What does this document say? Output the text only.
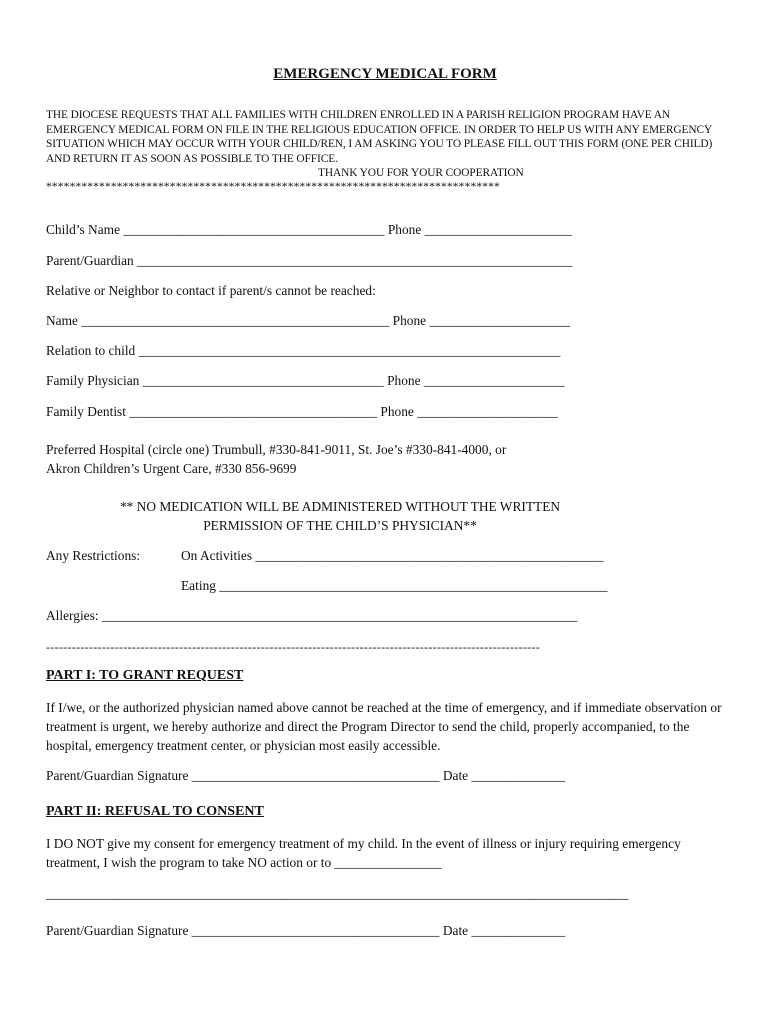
EMERGENCY MEDICAL FORM
THE DIOCESE REQUESTS THAT ALL FAMILIES WITH CHILDREN ENROLLED IN A PARISH RELIGION PROGRAM HAVE AN EMERGENCY MEDICAL FORM ON FILE IN THE RELIGIOUS EDUCATION OFFICE. IN ORDER TO HELP US WITH ANY EMERGENCY SITUATION WHICH MAY OCCUR WITH YOUR CHILD/REN, I AM ASKING YOU TO PLEASE FILL OUT THIS FORM (ONE PER CHILD) AND RETURN IT AS SOON AS POSSIBLE TO THE OFFICE.
THANK YOU FOR YOUR COOPERATION
*****************************************************************************
Child’s Name _______________________________________ Phone ______________________
Parent/Guardian _________________________________________________________________
Relative or Neighbor to contact if parent/s cannot be reached:
Name ______________________________________________ Phone _____________________
Relation to child _______________________________________________________________
Family Physician ____________________________________ Phone _____________________
Family Dentist _____________________________________ Phone _____________________
Preferred Hospital (circle one) Trumbull, #330-841-9011, St. Joe’s #330-841-4000, or
Akron Children’s Urgent Care, #330 856-9699
** NO MEDICATION WILL BE ADMINISTERED WITHOUT THE WRITTEN
PERMISSION OF THE CHILD’S PHYSICIAN**
Any Restrictions:	On Activities ____________________________________________________
Eating __________________________________________________________
Allergies: _______________________________________________________________________
-------------------------------------------------------------------------------------------------------------------
PART I: TO GRANT REQUEST
If I/we, or the authorized physician named above cannot be reached at the time of emergency, and if immediate observation or treatment is urgent, we hereby authorize and direct the Program Director to send the child, properly accompanied, to the hospital, emergency treatment center, or physician most easily accessible.
Parent/Guardian Signature _____________________________________ Date ______________
PART II: REFUSAL TO CONSENT
I DO NOT give my consent for emergency treatment of my child. In the event of illness or injury requiring emergency treatment, I wish the program to take NO action or to ________________
_______________________________________________________________________________________
Parent/Guardian Signature _____________________________________ Date ______________
